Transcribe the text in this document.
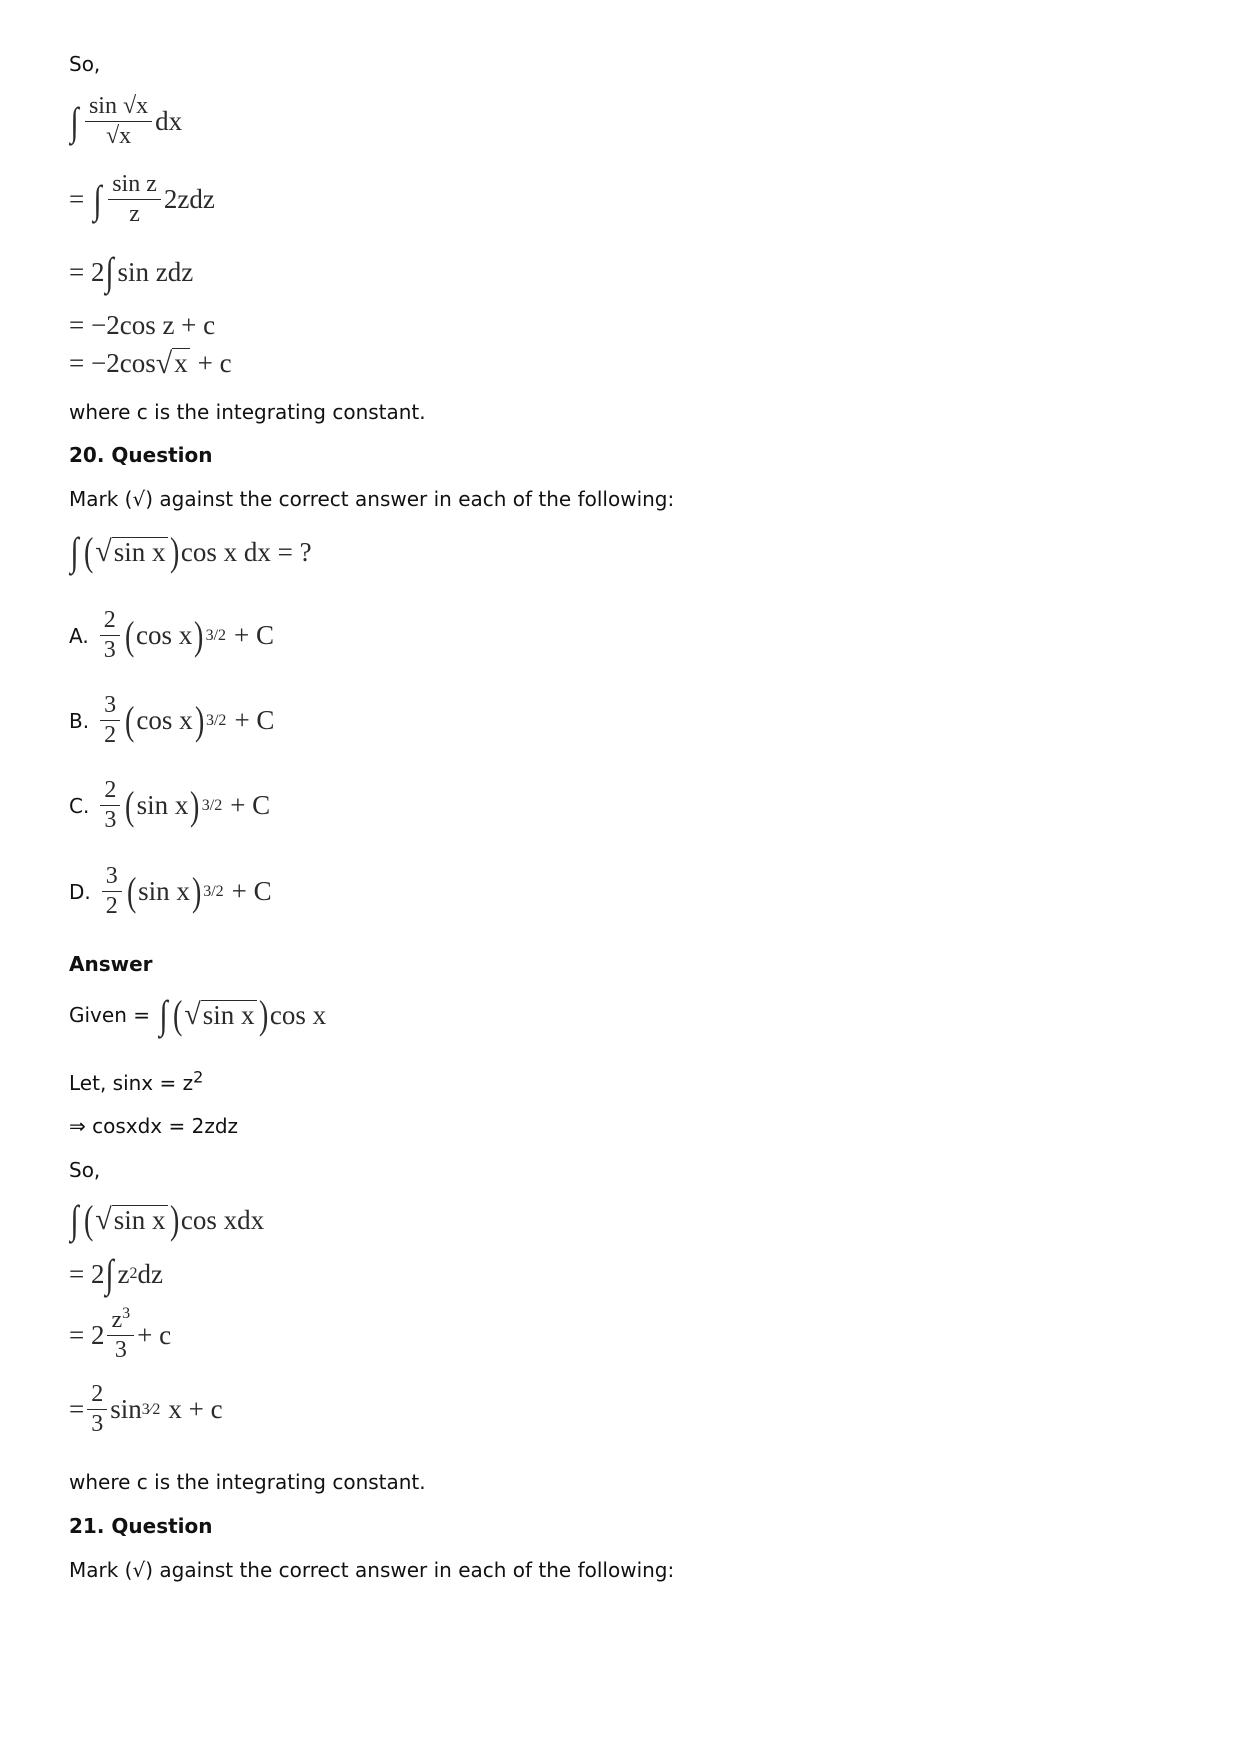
So,
∫ $\frac{\sin √x}{√x}$ dx
= ∫ $\frac{\text{sin z}}{z} 2zdz$
= 2 ∫ sin zdz
= −2cos z + c
= −2cos √ x + c
where c is the integrating constant.
20. Question
Mark (√) against the correct answer in each of the following:
∫ ( √ sin x ) cos x dx = ?
A. $\frac{2}{3}$ ( cos x ) 3/2 + C
B. $\frac{3}{2}$ ( cos x ) 3/2 + C
C. $\frac{2}{3}$ ( sin x ) 3/2 + C
D. $\frac{3}{2}$ ( sin x ) 3/2 + C
Answer
Given = ∫ ( √ sin x ) cos x
Let, $\sin x = z^2$
⇒ cosxdx = 2zdz
So,
∫ ( √ sin x ) cos xdx
= 2 ∫ z 2 dz
= $2 \frac{z^3}{3} + c$
= $\frac{2}{3}$ sin 3⁄2 x + c
where c is the integrating constant.
21. Question
Mark (√) against the correct answer in each of the following:
